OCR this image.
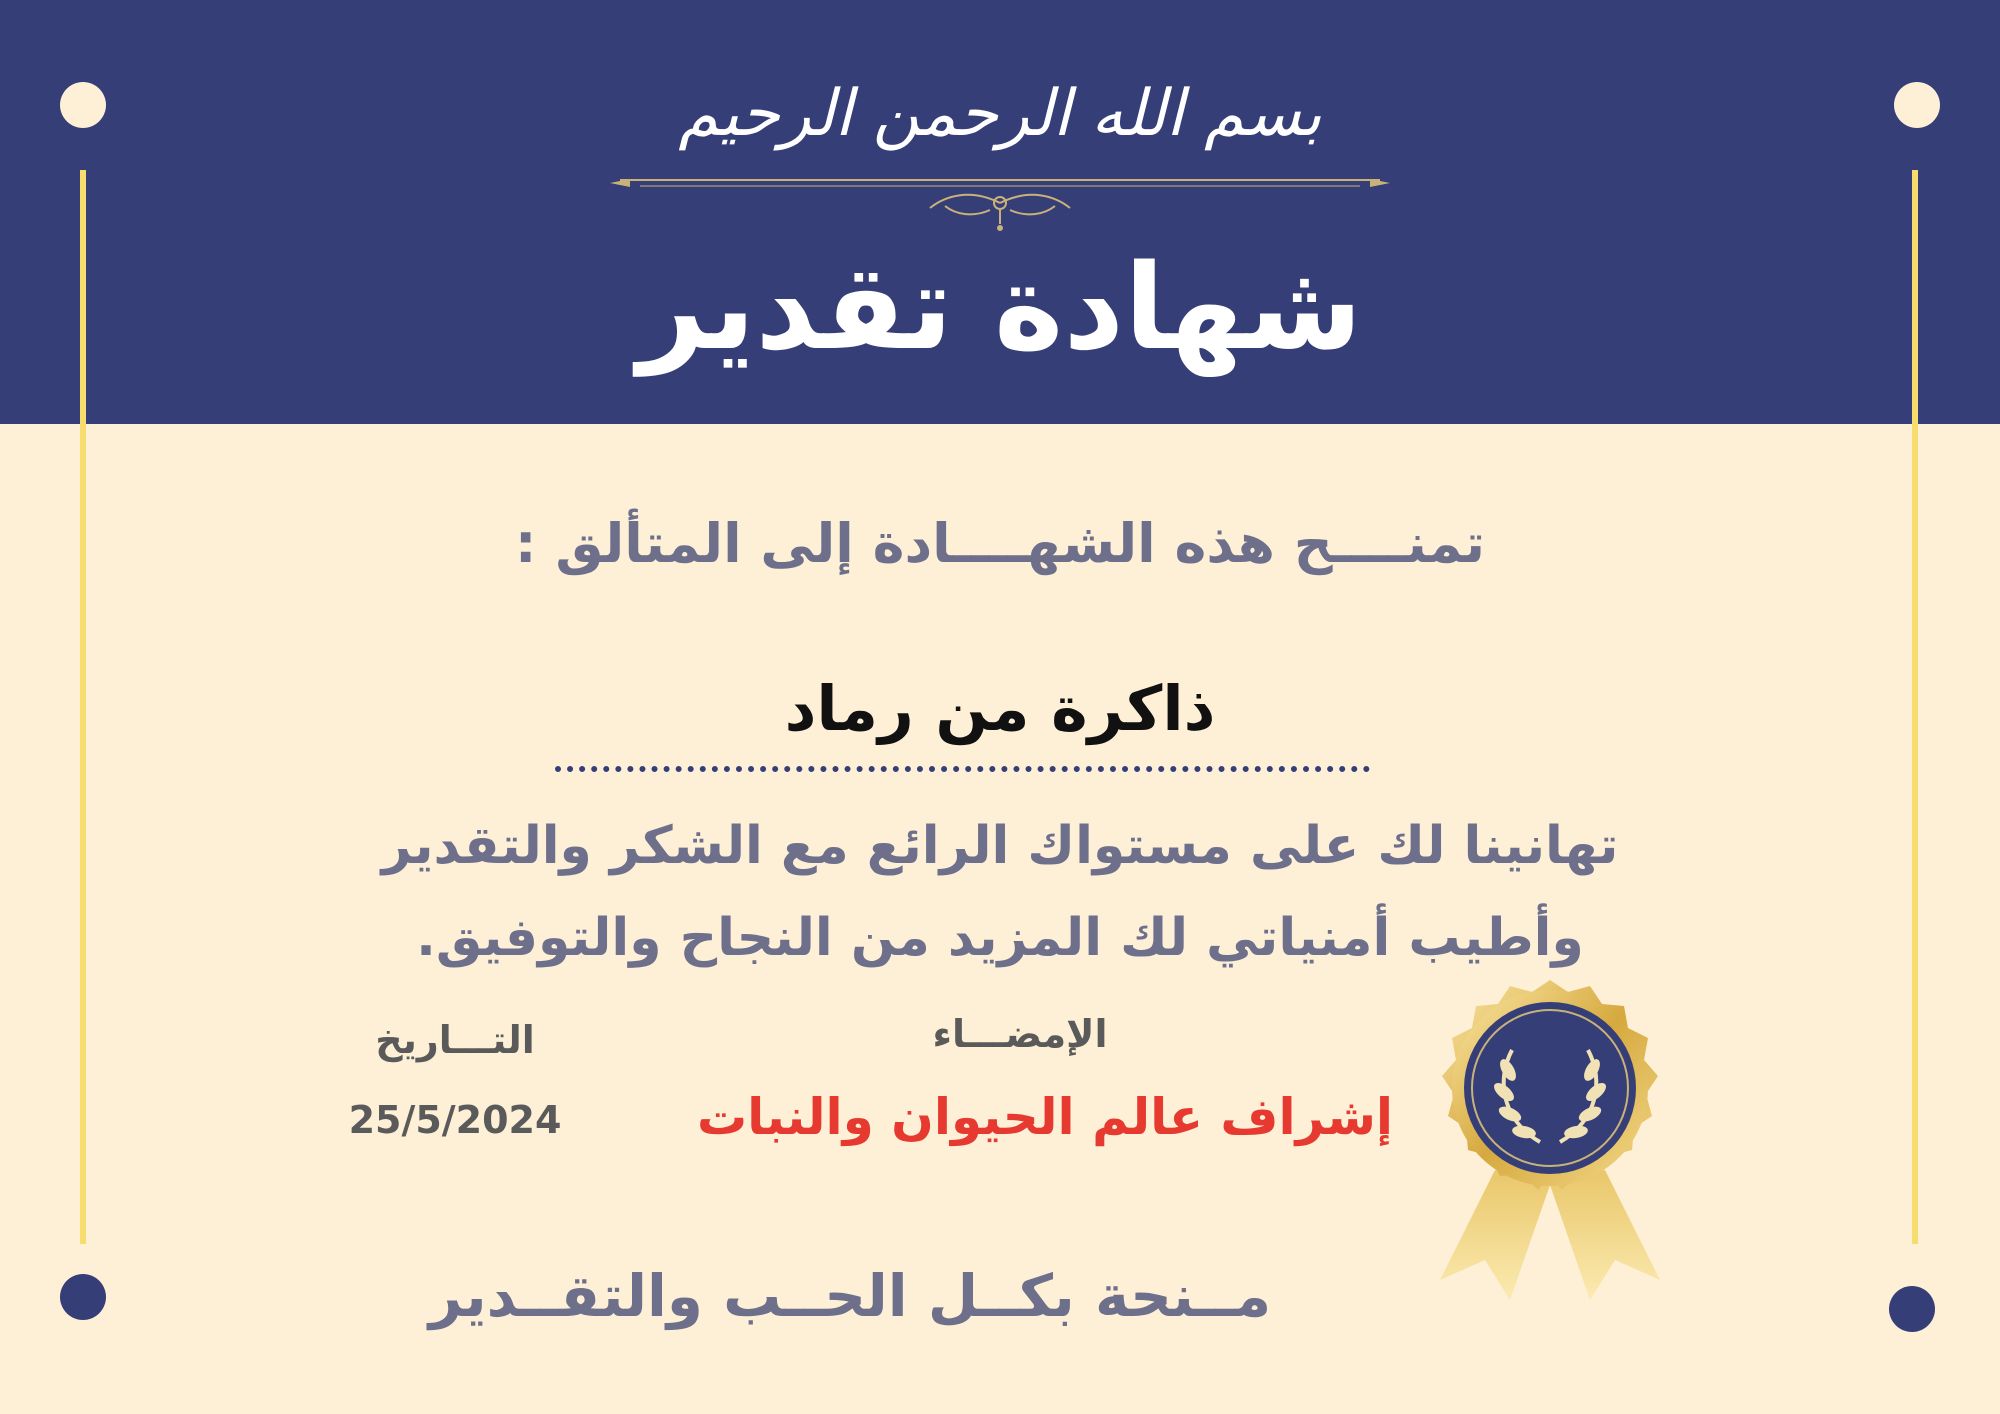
بسم الله الرحمن الرحيم
شهادة تقدير
تمنــــح هذه الشهــــادة إلى المتألق :
ذاكرة من رماد
تهانينا لك على مستواك الرائع مع الشكر والتقدير
وأطيب أمنياتي لك المزيد من النجاح والتوفيق.
الإمضـــاء
إشراف عالم الحيوان والنبات
التـــاريخ
25/5/2024
مــنحة بكــل الحــب والتقــدير
